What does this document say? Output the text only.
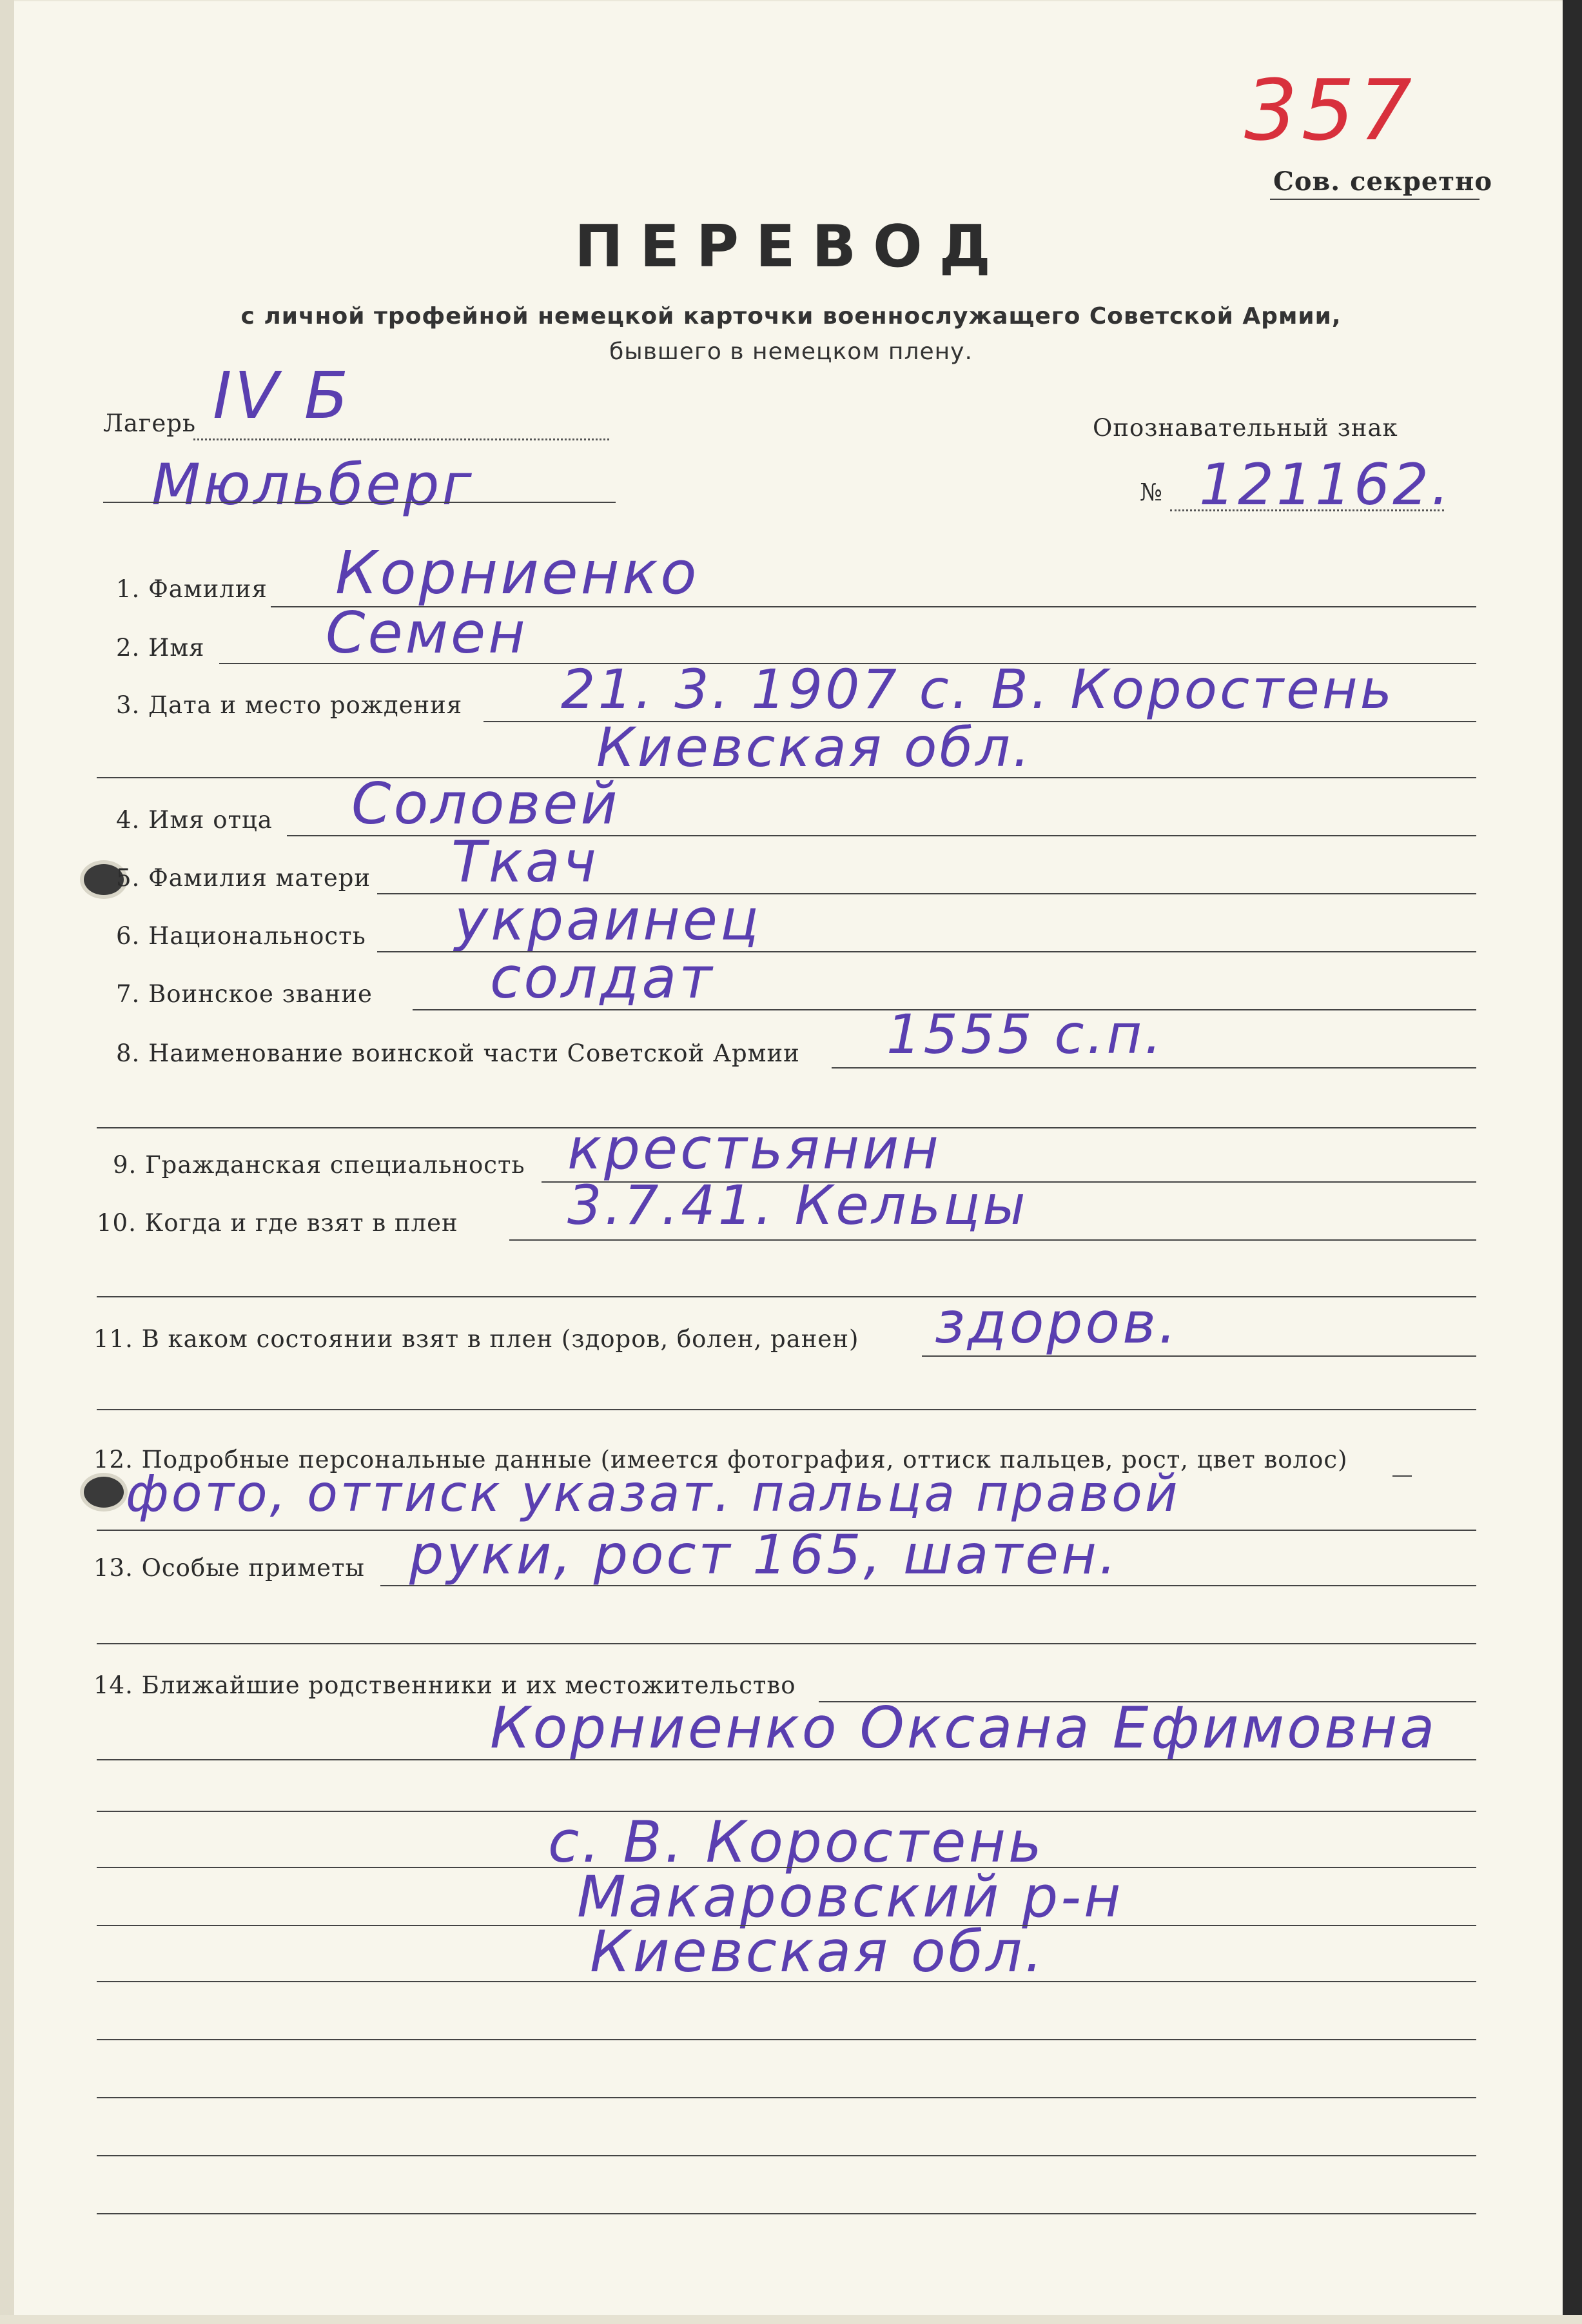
357
Сов. секретно
ПЕРЕВОД
с личной трофейной немецкой карточки военнослужащего Советской Армии,
бывшего в немецком плену.
Лагерь IV Б
Мюльберг
Опознавательный знак
№ 121162.
1. Фамилия Корниенко
2. Имя Семен
3. Дата и место рождения 21. 3. 1907 с. В. Коростень
Киевская обл.
4. Имя отца Соловей
5. Фамилия матери Ткач
6. Национальность украинец
7. Воинское звание солдат
8. Наименование воинской части Советской Армии 1555 с.п.
9. Гражданская специальность крестьянин
10. Когда и где взят в плен 3.7.41. Кельцы
11. В каком состоянии взят в плен (здоров, болен, ранен) здоров.
12. Подробные персональные данные (имеется фотография, оттиск пальцев, рост, цвет волос)
фото, оттиск указат. пальца правой
13. Особые приметы руки, рост 165, шатен.
14. Ближайшие родственники и их местожительство
Корниенко Оксана Ефимовна
с. В. Коростень
Макаровский р-н
Киевская обл.
